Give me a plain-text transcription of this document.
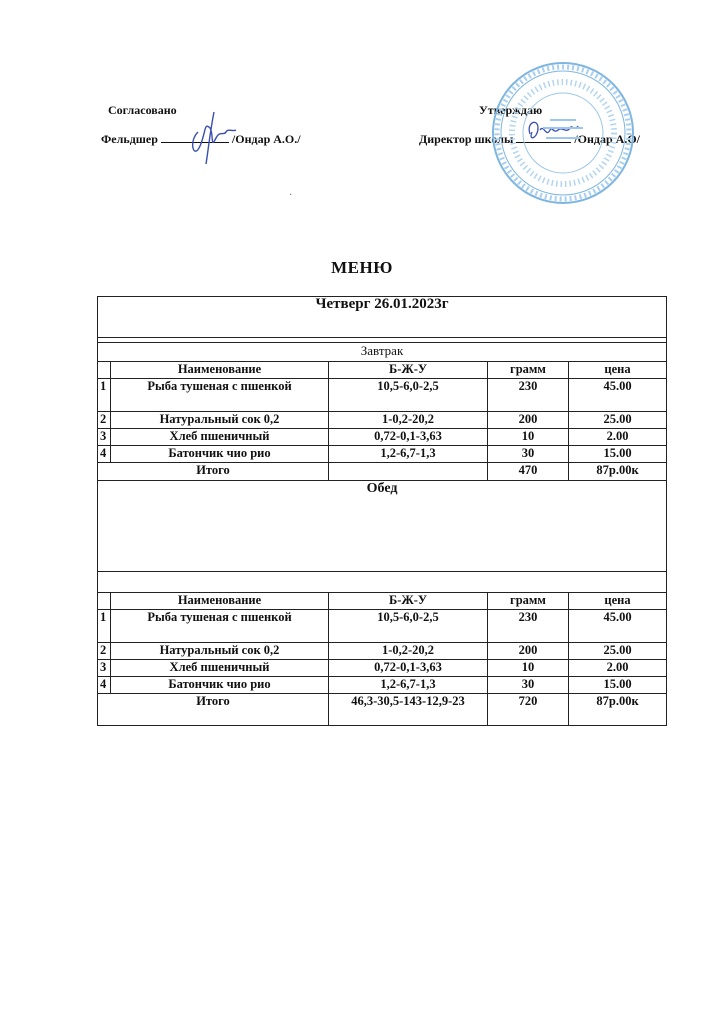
Согласовано
Фельдшер	/Ондар А.О./
Утверждаю
Директор школы	/Ондар А.О/
·
МЕНЮ
Четверг 26.01.2023г				

Завтрак				
	Наименование	Б-Ж-У	грамм	цена
1	Рыба тушеная с пшенкой	10,5-6,0-2,5	230	45.00
2	Натуральный сок 0,2	1-0,2-20,2	200	25.00
3	Хлеб пшеничный	0,72-0,1-3,63	10	2.00
4	Батончик чио рио	1,2-6,7-1,3	30	15.00
Итого			470	87р.00к
Обед				

	Наименование	Б-Ж-У	грамм	цена
1	Рыба тушеная с пшенкой	10,5-6,0-2,5	230	45.00
2	Натуральный сок 0,2	1-0,2-20,2	200	25.00
3	Хлеб пшеничный	0,72-0,1-3,63	10	2.00
4	Батончик чио рио	1,2-6,7-1,3	30	15.00
Итого		46,3-30,5-143-12,9-23	720	87р.00к
